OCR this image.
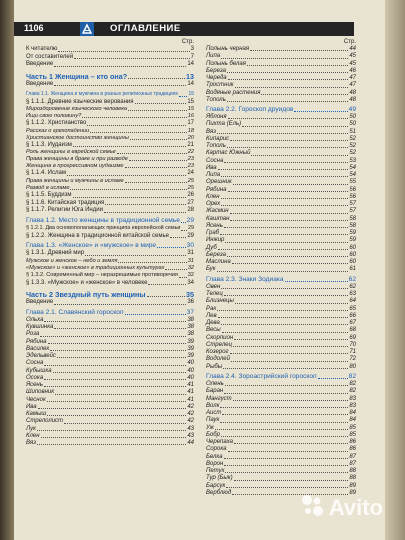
1106	ОГЛАВЛЕНИЕ
Стр.
К читателю	3
От составителей	7
Введение	14
Часть 1 Женщина – кто она?	13
Введение	14
Глава 1.1. Женщина и мужчина в разных религиозных традициях 15
§ 1.1.1. Древние языческие верования	15
Мироздоровение языческого человека	15
Ищи свою половину?	16
§ 1.1.2. Христианство	17
Рассказ о грехопадении	18
Христианское достоинство женщины	20
§ 1.1.3. Иудаизм	21
Роль женщины в еврейской семье	22
Права женщины в браке и при разводе	23
Женщина в прогрессивном иудаизме	23
§ 1.1.4. Ислам	24
Права женщины и мужчины в исламе	25
Развод в исламе	25
§ 1.1.5. Буддизм	26
§ 1.1.6. Китайская традиция	27
§ 1.1.7. Религии Юга Индии	28
Глава 1.2. Место женщины в традиционной семье 29
§ 1.2.1. Два основополагающих принципа европейской семьи 29
§ 1.2.2. Женщина в традиционной китайской семье	29
Глава 1.3. «Женское» и «мужское» в мире	30
§ 1.3.1. Древний мир	31
Мужское и женское – небо и земля	31
«Мужское» и «женское» в традиционных культурах	32
§ 1.3.2. Современный мир – неразрешимые противоречия 32
§ 1.3.3. «Мужское» и «женское» в человеке	34
Часть 2 Звездный путь женщины	35
Введение	36
Глава 2.1. Славянский гороскоп	37
Ольха	38
Кувшинка	38
Роза	38
Рябина	39
Василек	39
Эдельвейс	39
Сосна	40
Кубышка	40
Осока	40
Ясень	41
Шиповник	41
Чеснок	41
Ива	42
Камыш	42
Стрелолист	42
Лук	43
Клен	43
Вяз	44
Стр.
Полынь черная	44
Липа	45
Полынь белая	45
Береза	46
Череда	47
Тростник	47
Водяные растения	48
Тополь	48
Глава 2.2. Гороскоп друидов	49
Яблоня	50
Пихта (Ель)	50
Вяз	51
Кипарис	52
Тополь	52
Картас Южный	52
Сосна	53
Ива	54
Липа	54
Орешник	55
Рябина	56
Клен	56
Орех	57
Жасмин	57
Каштан	58
Ясень	58
Граб	59
Инжир	59
Дуб	60
Береза	60
Маслина	60
Бук	61
Глава 2.3. Знаки Зодиака	62
Овен	62
Телец	63
Близнецы	64
Рак	65
Лев	66
Дева	67
Весы	68
Скорпион	69
Стрелец	70
Козерог	71
Водолей	72
Рыбы	80
Глава 2.4. Зороастрийский гороскоп	82
Олень	82
Баран	82
Мангуст	83
Волк	83
Аист	84
Паук	84
Уж	85
Бобр	85
Черепаха	86
Сорока	86
Белка	87
Ворон	87
Петух	88
Тур (Бык)	88
Барсук	89
Верблюд	89
Avito
